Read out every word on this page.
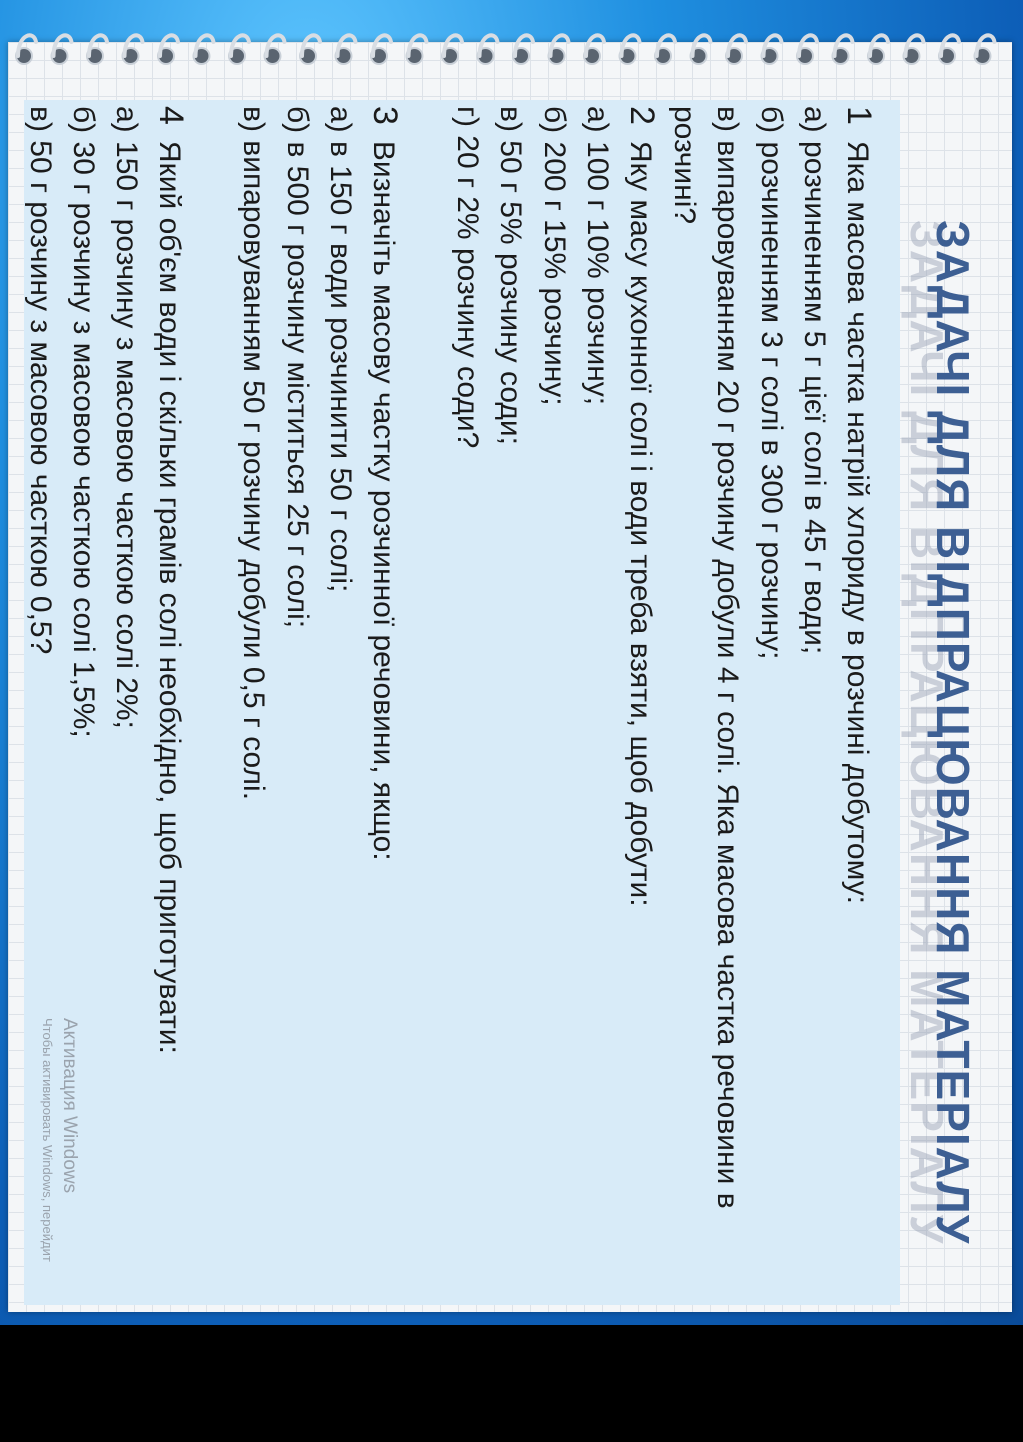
ЗАДАЧІ ДЛЯ ВІДПРАЦЮВАННЯ МАТЕРІАЛУ

1Яка масова частка натрій хлориду в розчині добутому:

а) розчиненням 5 г цієї солі в 45 г води;

б) розчиненням 3 г солі в 300 г розчину;

в) випаровуванням 20 г розчину добули 4 г солі. Яка масова частка речовини в

розчині?

2Яку масу кухонної солі і води треба взяти, щоб добути:

а) 100 г 10% розчину;

б) 200 г 15% розчину;

в) 50 г 5% розчину соди;

г) 20 г 2% розчину соди?

3Визначіть масову частку розчинної речовини, якщо:

а) в 150 г води розчинити 50 г солі;

б) в 500 г розчину міститься 25 г солі;

в) випаровуванням 50 г розчину добули 0,5 г солі.

4Який об'єм води і скільки грамів солі необхідно, щоб приготувати:

а) 150 г розчину з масовою часткою солі 2%;

б) 30 г розчину з масовою часткою солі 1,5%;

в) 50 г розчину з масовою часткою 0,5?

Активация Windows
Чтобы активировать Windows, перейдит
